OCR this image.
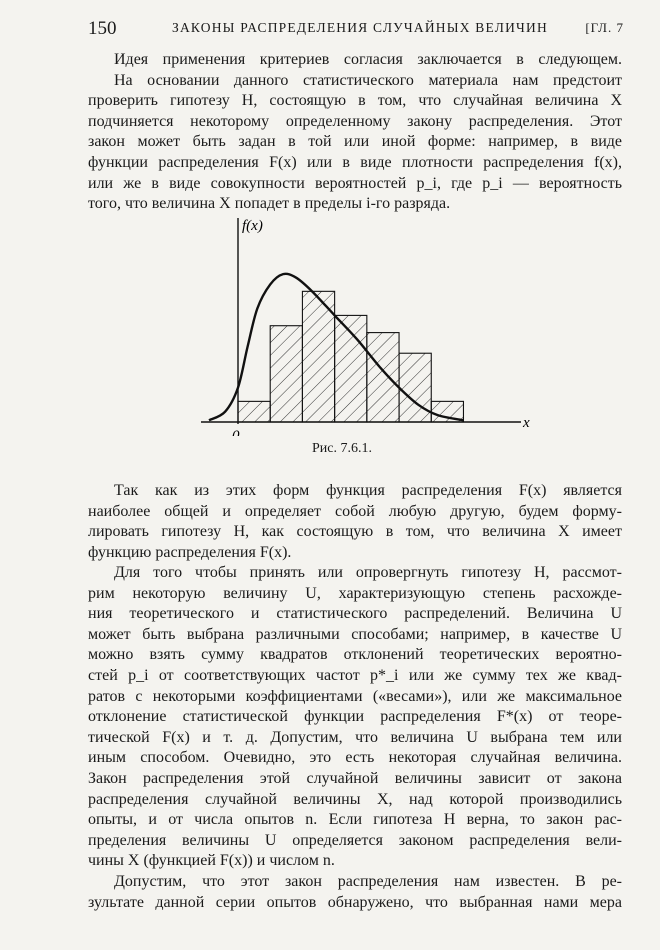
150	ЗАКОНЫ РАСПРЕДЕЛЕНИЯ СЛУЧАЙНЫХ ВЕЛИЧИН	[ГЛ. 7
Идея применения критериев согласия заключается в следующем.
На основании данного статистического материала нам предстоит
проверить гипотезу H, состоящую в том, что случайная величина X
подчиняется некоторому определенному закону распределения. Этот
закон может быть задан в той или иной форме: например, в виде
функции распределения F(x) или в виде плотности распределения f(x),
или же в виде совокупности вероятностей p_i, где p_i — вероятность
того, что величина X попадет в пределы i-го разряда.
f(x)
x
0
Рис. 7.6.1.
Так как из этих форм функция распределения F(x) является
наиболее общей и определяет собой любую другую, будем форму-
лировать гипотезу H, как состоящую в том, что величина X имеет
функцию распределения F(x).
Для того чтобы принять или опровергнуть гипотезу H, рассмот-
рим некоторую величину U, характеризующую степень расхожде-
ния теоретического и статистического распределений. Величина U
может быть выбрана различными способами; например, в качестве U
можно взять сумму квадратов отклонений теоретических вероятно-
стей p_i от соответствующих частот p*_i или же сумму тех же квад-
ратов с некоторыми коэффициентами («весами»), или же максимальное
отклонение статистической функции распределения F*(x) от теоре-
тической F(x) и т. д. Допустим, что величина U выбрана тем или
иным способом. Очевидно, это есть некоторая случайная величина.
Закон распределения этой случайной величины зависит от закона
распределения случайной величины X, над которой производились
опыты, и от числа опытов n. Если гипотеза H верна, то закон рас-
пределения величины U определяется законом распределения вели-
чины X (функцией F(x)) и числом n.
Допустим, что этот закон распределения нам известен. В ре-
зультате данной серии опытов обнаружено, что выбранная нами мера
